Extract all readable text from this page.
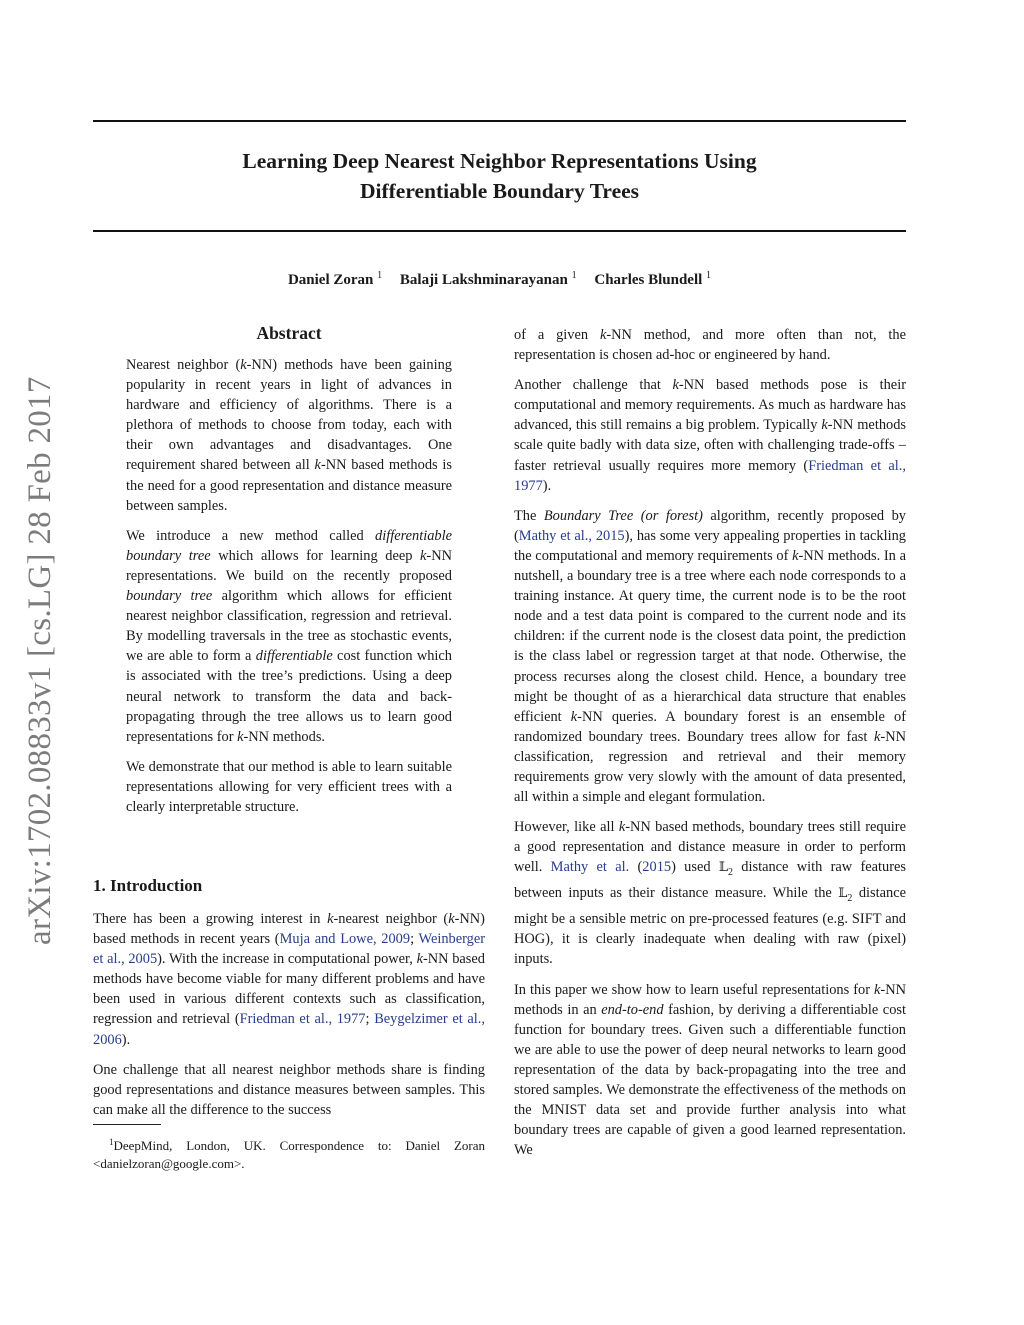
Learning Deep Nearest Neighbor Representations Using
Differentiable Boundary Trees
Daniel Zoran $^1$ Balaji Lakshminarayanan $^1$ Charles Blundell $^1$
arXiv:1702.08833v1 [cs.LG] 28 Feb 2017
Abstract

Nearest neighbor (k-NN) methods have been gaining popularity in recent years in light of advances in hardware and efficiency of algorithms. There is a plethora of methods to choose from today, each with their own advantages and disadvantages. One requirement shared between all k-NN based methods is the need for a good representation and distance measure between samples.

We introduce a new method called differentiable boundary tree which allows for learning deep k-NN representations. We build on the recently proposed boundary tree algorithm which allows for efficient nearest neighbor classification, regression and retrieval. By modelling traversals in the tree as stochastic events, we are able to form a differentiable cost function which is associated with the tree’s predictions. Using a deep neural network to transform the data and back-propagating through the tree allows us to learn good representations for k-NN methods.

We demonstrate that our method is able to learn suitable representations allowing for very efficient trees with a clearly interpretable structure.

1. Introduction

There has been a growing interest in k-nearest neighbor (k-NN) based methods in recent years (Muja and Lowe, 2009; Weinberger et al., 2005). With the increase in computational power, k-NN based methods have become viable for many different problems and have been used in various different contexts such as classification, regression and retrieval (Friedman et al., 1977; Beygelzimer et al., 2006).

One challenge that all nearest neighbor methods share is finding good representations and distance measures between samples. This can make all the difference to the success

$^1$DeepMind, London, UK. Correspondence to: Daniel Zoran <danielzoran@google.com>.

of a given k-NN method, and more often than not, the representation is chosen ad-hoc or engineered by hand.

Another challenge that k-NN based methods pose is their computational and memory requirements. As much as hardware has advanced, this still remains a big problem. Typically k-NN methods scale quite badly with data size, often with challenging trade-offs – faster retrieval usually requires more memory (Friedman et al., 1977).

The Boundary Tree (or forest) algorithm, recently proposed by (Mathy et al., 2015), has some very appealing properties in tackling the computational and memory requirements of k-NN methods. In a nutshell, a boundary tree is a tree where each node corresponds to a training instance. At query time, the current node is to be the root node and a test data point is compared to the current node and its children: if the current node is the closest data point, the prediction is the class label or regression target at that node. Otherwise, the process recurses along the closest child. Hence, a boundary tree might be thought of as a hierarchical data structure that enables efficient k-NN queries. A boundary forest is an ensemble of randomized boundary trees. Boundary trees allow for fast k-NN classification, regression and retrieval and their memory requirements grow very slowly with the amount of data presented, all within a simple and elegant formulation.

However, like all k-NN based methods, boundary trees still require a good representation and distance measure in order to perform well. Mathy et al. (2015) used 𝕃$_2$ distance with raw features between inputs as their distance measure. While the 𝕃$_2$ distance might be a sensible metric on pre-processed features (e.g. SIFT and HOG), it is clearly inadequate when dealing with raw (pixel) inputs.

In this paper we show how to learn useful representations for k-NN methods in an end-to-end fashion, by deriving a differentiable cost function for boundary trees. Given such a differentiable function we are able to use the power of deep neural networks to learn good representation of the data by back-propagating into the tree and stored samples. We demonstrate the effectiveness of the methods on the MNIST data set and provide further analysis into what boundary trees are capable of given a good learned representation. We
